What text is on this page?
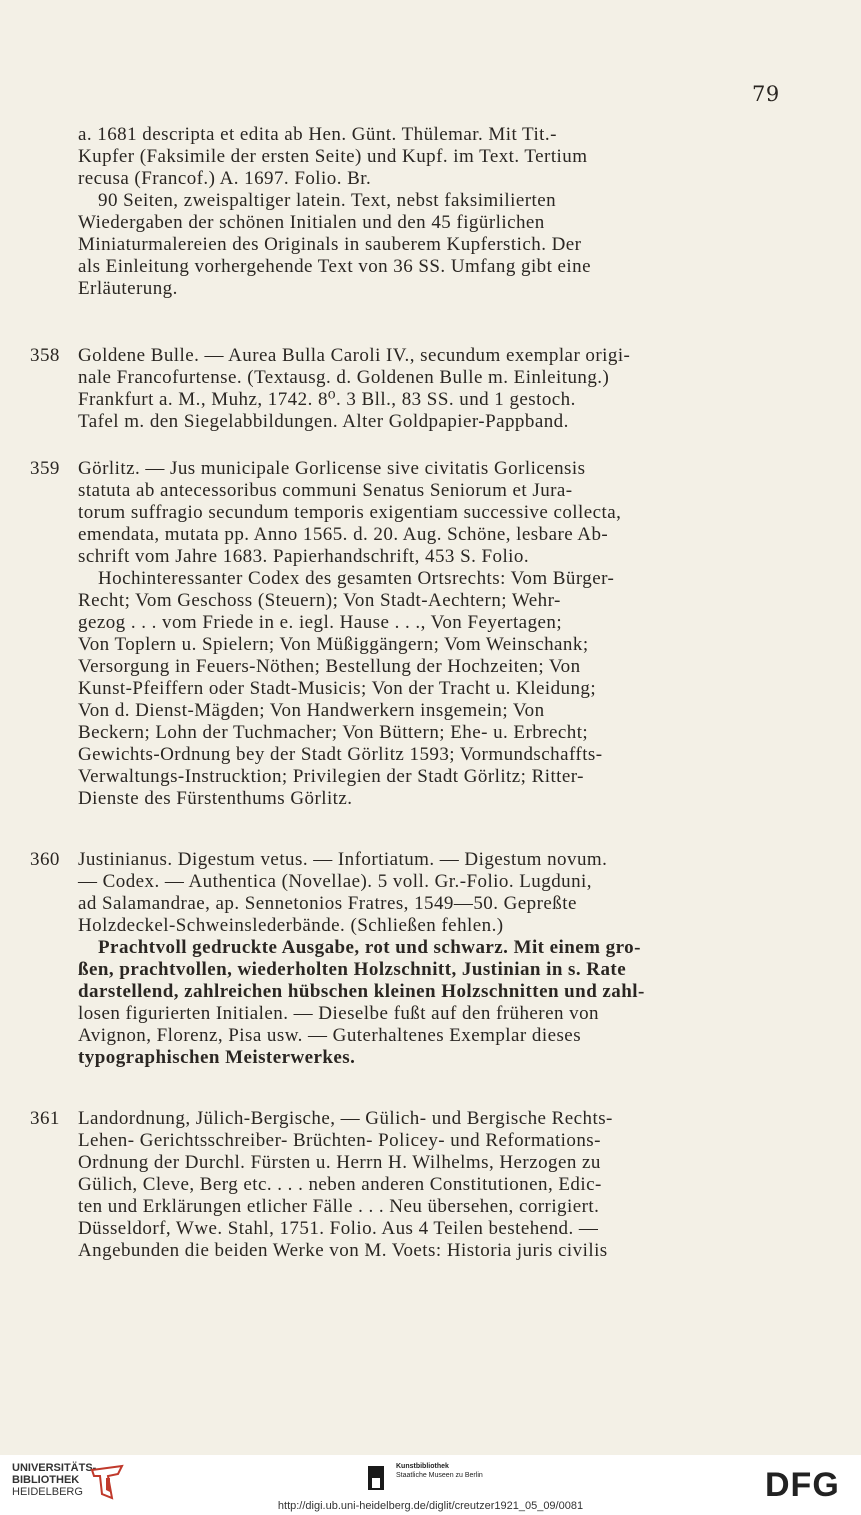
79
a. 1681 descripta et edita ab Hen. Günt. Thülemar. Mit Tit.-
Kupfer (Faksimile der ersten Seite) und Kupf. im Text. Tertium
recusa (Francof.) A. 1697. Folio. Br.
90 Seiten, zweispaltiger latein. Text, nebst faksimilierten
Wiedergaben der schönen Initialen und den 45 figürlichen
Miniaturmalereien des Originals in sauberem Kupferstich. Der
als Einleitung vorhergehende Text von 36 SS. Umfang gibt eine
Erläuterung.
358 Goldene Bulle. — Aurea Bulla Caroli IV., secundum exemplar origi-
nale Francofurtense. (Textausg. d. Goldenen Bulle m. Einleitung.)
Frankfurt a. M., Muhz, 1742. 8⁰. 3 Bll., 83 SS. und 1 gestoch.
Tafel m. den Siegelabbildungen. Alter Goldpapier-Pappband.
359 Görlitz. — Jus municipale Gorlicense sive civitatis Gorlicensis
statuta ab antecessoribus communi Senatus Seniorum et Jura-
torum suffragio secundum temporis exigentiam successive collecta,
emendata, mutata pp. Anno 1565. d. 20. Aug. Schöne, lesbare Ab-
schrift vom Jahre 1683. Papierhandschrift, 453 S. Folio.
Hochinteressanter Codex des gesamten Ortsrechts: Vom Bürger-
Recht; Vom Geschoss (Steuern); Von Stadt-Aechtern; Wehr-
gezog . . . vom Friede in e. iegl. Hause . . ., Von Feyertagen;
Von Toplern u. Spielern; Von Müßiggängern; Vom Weinschank;
Versorgung in Feuers-Nöthen; Bestellung der Hochzeiten; Von
Kunst-Pfeiffern oder Stadt-Musicis; Von der Tracht u. Kleidung;
Von d. Dienst-Mägden; Von Handwerkern insgemein; Von
Beckern; Lohn der Tuchmacher; Von Büttern; Ehe- u. Erbrecht;
Gewichts-Ordnung bey der Stadt Görlitz 1593; Vormundschaffts-
Verwaltungs-Instrucktion; Privilegien der Stadt Görlitz; Ritter-
Dienste des Fürstenthums Görlitz.
360 Justinianus. Digestum vetus. — Infortiatum. — Digestum novum.
— Codex. — Authentica (Novellae). 5 voll. Gr.-Folio. Lugduni,
ad Salamandrae, ap. Sennetonios Fratres, 1549—50. Gepreßte
Holzdeckel-Schweinslederbände. (Schließen fehlen.)
Prachtvoll gedruckte Ausgabe, rot und schwarz. Mit einem gro-
ßen, prachtvollen, wiederholten Holzschnitt, Justinian in s. Rate
darstellend, zahlreichen hübschen kleinen Holzschnitten und zahl-
losen figurierten Initialen. — Dieselbe fußt auf den früheren von
Avignon, Florenz, Pisa usw. — Guterhaltenes Exemplar dieses
typographischen Meisterwerkes.
361 Landordnung, Jülich-Bergische, — Gülich- und Bergische Rechts-
Lehen- Gerichtsschreiber- Brüchten- Policey- und Reformations-
Ordnung der Durchl. Fürsten u. Herrn H. Wilhelms, Herzogen zu
Gülich, Cleve, Berg etc. . . . neben anderen Constitutionen, Edic-
ten und Erklärungen etlicher Fälle . . . Neu übersehen, corrigiert.
Düsseldorf, Wwe. Stahl, 1751. Folio. Aus 4 Teilen bestehend. —
Angebunden die beiden Werke von M. Voets: Historia juris civilis
UNIVERSITÄTS-
BIBLIOTHEK
HEIDELBERG
Kunstbibliothek
Staatliche Museen zu Berlin	DFG
http://digi.ub.uni-heidelberg.de/diglit/creutzer1921_05_09/0081
